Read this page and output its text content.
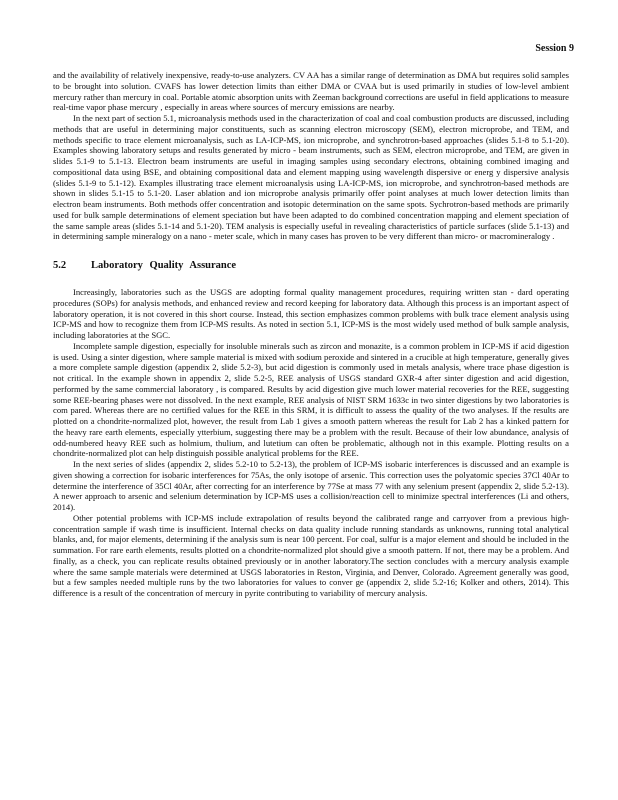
Session 9

and the availability of relatively inexpensive, ready-to-use analyzers. CV AA has a similar range of determination as DMA but requires solid samples to be brought into solution. CVAFS has lower detection limits than either DMA or CVAA but is used primarily in studies of low-level ambient mercury rather than mercury in coal. Portable atomic absorption units with Zeeman background corrections are useful in field applications to measure real-time vapor phase mercury , especially in areas where sources of mercury emissions are nearby.

In the next part of section 5.1, microanalysis methods used in the characterization of coal and coal combustion products are discussed, including methods that are useful in determining major constituents, such as scanning electron microscopy (SEM), electron microprobe, and TEM, and methods specific to trace element microanalysis, such as LA-ICP-MS, ion microprobe, and synchrotron-based approaches (slides 5.1-8 to 5.1-20). Examples showing laboratory setups and results generated by micro - beam instruments, such as SEM, electron microprobe, and TEM, are given in slides 5.1-9 to 5.1-13. Electron beam instruments are useful in imaging samples using secondary electrons, obtaining combined imaging and compositional data using BSE, and obtaining compositional data and element mapping using wavelength dispersive or energ y dispersive analysis (slides 5.1-9 to 5.1-12). Examples illustrating trace element microanalysis using LA-ICP-MS, ion microprobe, and synchrotron-based methods are shown in slides 5.1-15 to 5.1-20. Laser ablation and ion microprobe analysis primarily offer point analyses at much lower detection limits than electron beam instruments. Both methods offer concentration and isotopic determination on the same spots. Sychrotron-based methods are primarily used for bulk sample determinations of element speciation but have been adapted to do combined concentration mapping and element speciation of the same sample areas (slides 5.1-14 and 5.1-20). TEM analysis is especially useful in revealing characteristics of particle surfaces (slide 5.1-13) and in determining sample mineralogy on a nano - meter scale, which in many cases has proven to be very different than micro- or macromineralogy .

5.2	Laboratory Quality Assurance

Increasingly, laboratories such as the USGS are adopting formal quality management procedures, requiring written stan - dard operating procedures (SOPs) for analysis methods, and enhanced review and record keeping for laboratory data. Although this process is an important aspect of laboratory operation, it is not covered in this short course. Instead, this section emphasizes common problems with bulk trace element analysis using ICP-MS and how to recognize them from ICP-MS results. As noted in section 5.1, ICP-MS is the most widely used method of bulk sample analysis, including laboratories at the SGC.

Incomplete sample digestion, especially for insoluble minerals such as zircon and monazite, is a common problem in ICP-MS if acid digestion is used. Using a sinter digestion, where sample material is mixed with sodium peroxide and sintered in a crucible at high temperature, generally gives a more complete sample digestion (appendix 2, slide 5.2-3), but acid digestion is commonly used in metals analysis, where trace phase digestion is not critical. In the example shown in appendix 2, slide 5.2-5, REE analysis of USGS standard GXR-4 after sinter digestion and acid digestion, performed by the same commercial laboratory , is compared. Results by acid digestion give much lower material recoveries for the REE, suggesting some REE-bearing phases were not dissolved. In the next example, REE analysis of NIST SRM 1633c in two sinter digestions by two laboratories is com pared. Whereas there are no certified values for the REE in this SRM, it is difficult to assess the quality of the two analyses. If the results are plotted on a chondrite-normalized plot, however, the result from Lab 1 gives a smooth pattern whereas the result for Lab 2 has a kinked pattern for the heavy rare earth elements, especially ytterbium, suggesting there may be a problem with the result. Because of their low abundance, analysis of odd-numbered heavy REE such as holmium, thulium, and lutetium can often be problematic, although not in this example. Plotting results on a chondrite-normalized plot can help distinguish possible analytical problems for the REE.

In the next series of slides (appendix 2, slides 5.2-10 to 5.2-13), the problem of ICP-MS isobaric interferences is discussed and an example is given showing a correction for isobaric interferences for 75As, the only isotope of arsenic. This correction uses the polyatomic species 37Cl 40Ar to determine the interference of 35Cl 40Ar, after correcting for an interference by 77Se at mass 77 with any selenium present (appendix 2, slide 5.2-13). A newer approach to arsenic and selenium determination by ICP-MS uses a collision/reaction cell to minimize spectral interferences (Li and others, 2014).

Other potential problems with ICP-MS include extrapolation of results beyond the calibrated range and carryover from a previous high-concentration sample if wash time is insufficient. Internal checks on data quality include running standards as unknowns, running total analytical blanks, and, for major elements, determining if the analysis sum is near 100 percent. For coal, sulfur is a major element and should be included in the summation. For rare earth elements, results plotted on a chondrite-normalized plot should give a smooth pattern. If not, there may be a problem. And finally, as a check, you can replicate results obtained previously or in another laboratory.The section concludes with a mercury analysis example where the same sample materials were determined at USGS laboratories in Reston, Virginia, and Denver, Colorado. Agreement generally was good, but a few samples needed multiple runs by the two laboratories for values to conver ge (appendix 2, slide 5.2-16; Kolker and others, 2014). This difference is a result of the concentration of mercury in pyrite contributing to variability of mercury analysis.
